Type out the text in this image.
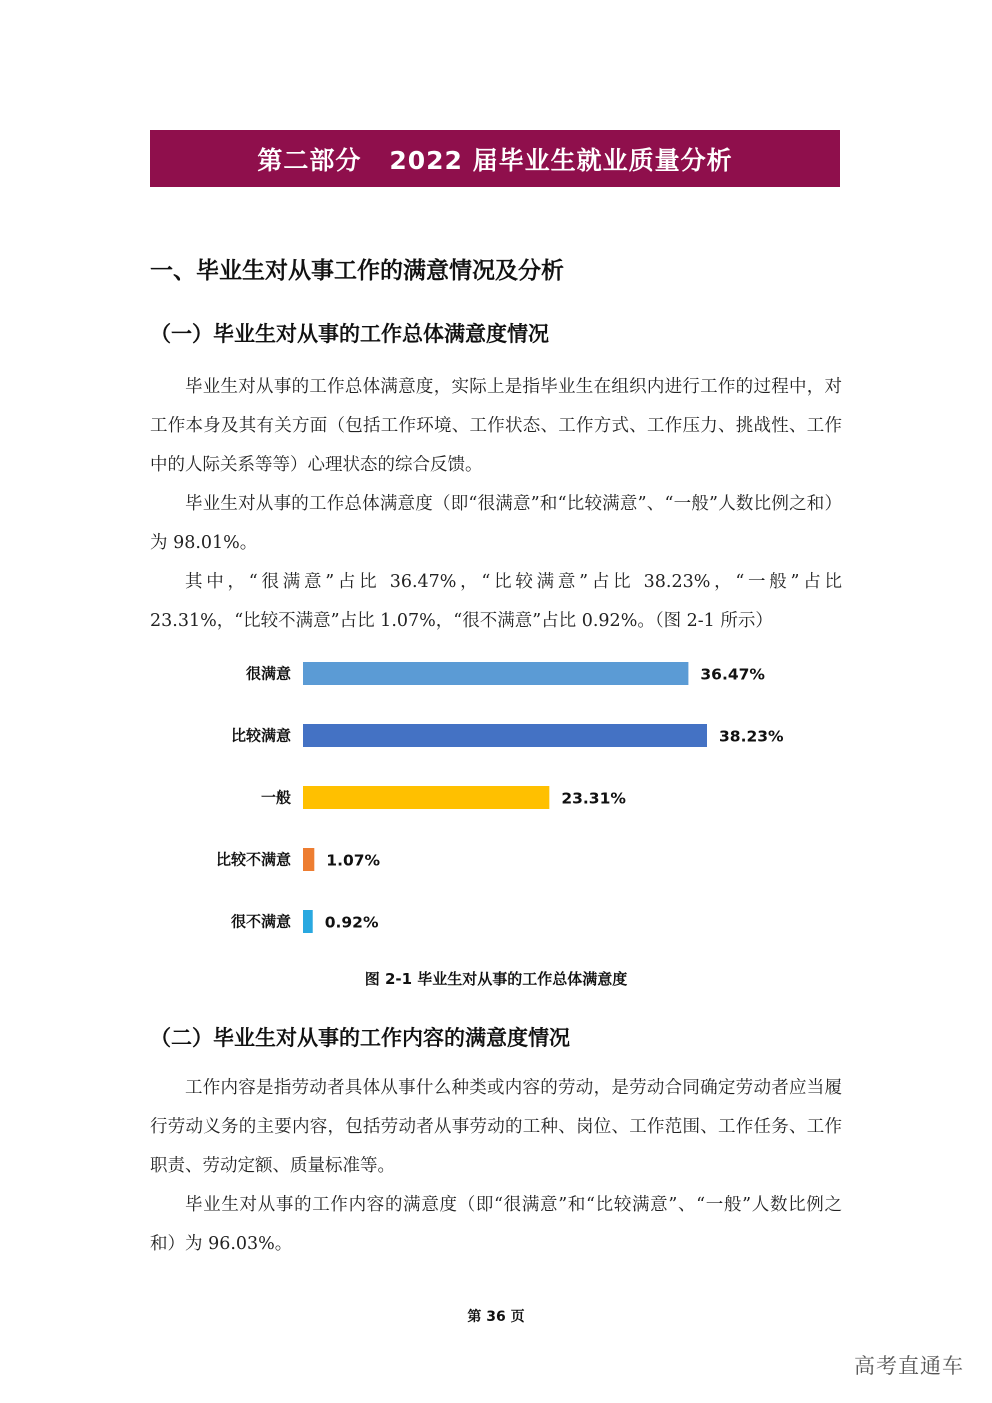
第二部分 2022 届毕业生就业质量分析
一、毕业生对从事工作的满意情况及分析
（一）毕业生对从事的工作总体满意度情况

毕业生对从事的工作总体满意度，实际上是指毕业生在组织内进行工作的过程中，对工作本身及其有关方面（包括工作环境、工作状态、工作方式、工作压力、挑战性、工作中的人际关系等等）心理状态的综合反馈。

毕业生对从事的工作总体满意度（即“很满意”和“比较满意”、“一般”人数比例之和）为 98.01%。

其中，“很满意”占比 36.47%，“比较满意”占比 38.23%，“一般”占比 23.31%，“比较不满意”占比 1.07%，“很不满意”占比 0.92%。（图 2-1 所示）

很满意	36.47%
比较满意	38.23%
一般	23.31%
比较不满意 1.07%
很不满意 0.92%
图 2-1 毕业生对从事的工作总体满意度
（二）毕业生对从事的工作内容的满意度情况

工作内容是指劳动者具体从事什么种类或内容的劳动，是劳动合同确定劳动者应当履行劳动义务的主要内容，包括劳动者从事劳动的工种、岗位、工作范围、工作任务、工作职责、劳动定额、质量标准等。

毕业生对从事的工作内容的满意度（即“很满意”和“比较满意”、“一般”人数比例之和）为 96.03%。

第 36 页
高考直通车
